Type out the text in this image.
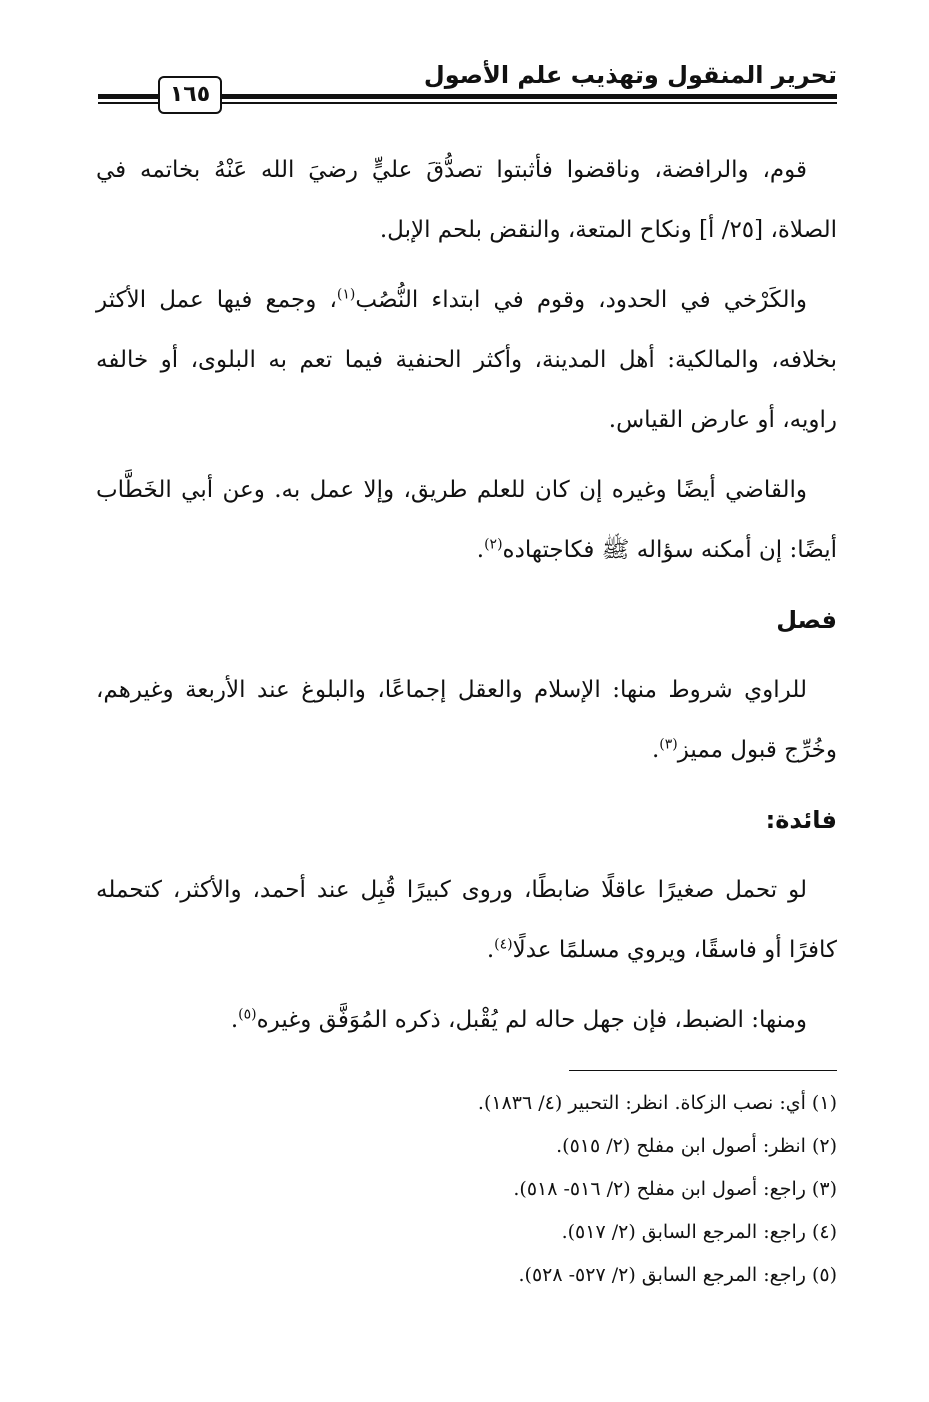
تحرير المنقول وتهذيب علم الأصول
١٦٥

قوم، والرافضة، وناقضوا فأثبتوا تصدُّقَ عليٍّ رضيَ الله عَنْهُ بخاتمه في الصلاة، [٢٥/ أ] ونكاح المتعة، والنقض بلحم الإبل.

والكَرْخي في الحدود، وقوم في ابتداء النُّصُب$^{(١)}$، وجمع فيها عمل الأكثر بخلافه، والمالكية: أهل المدينة، وأكثر الحنفية فيما تعم به البلوى، أو خالفه راويه، أو عارض القياس.

والقاضي أيضًا وغيره إن كان للعلم طريق، وإلا عمل به. وعن أبي الخَطَّاب أيضًا: إن أمكنه سؤاله ﷺ فكاجتهاده$^{(٢)}$.

فصل

للراوي شروط منها: الإسلام والعقل إجماعًا، والبلوغ عند الأربعة وغيرهم، وخُرِّج قبول مميز$^{(٣)}$.

فائدة:

لو تحمل صغيرًا عاقلًا ضابطًا، وروى كبيرًا قُبِل عند أحمد، والأكثر، كتحمله كافرًا أو فاسقًا، ويروي مسلمًا عدلًا$^{(٤)}$.

ومنها: الضبط، فإن جهل حاله لم يُقْبل، ذكره المُوَفَّق وغيره$^{(٥)}$.

(١) أي: نصب الزكاة. انظر: التحبير (٤/ ١٨٣٦).

(٢) انظر: أصول ابن مفلح (٢/ ٥١٥).

(٣) راجع: أصول ابن مفلح (٢/ ٥١٦- ٥١٨).

(٤) راجع: المرجع السابق (٢/ ٥١٧).

(٥) راجع: المرجع السابق (٢/ ٥٢٧- ٥٢٨).
